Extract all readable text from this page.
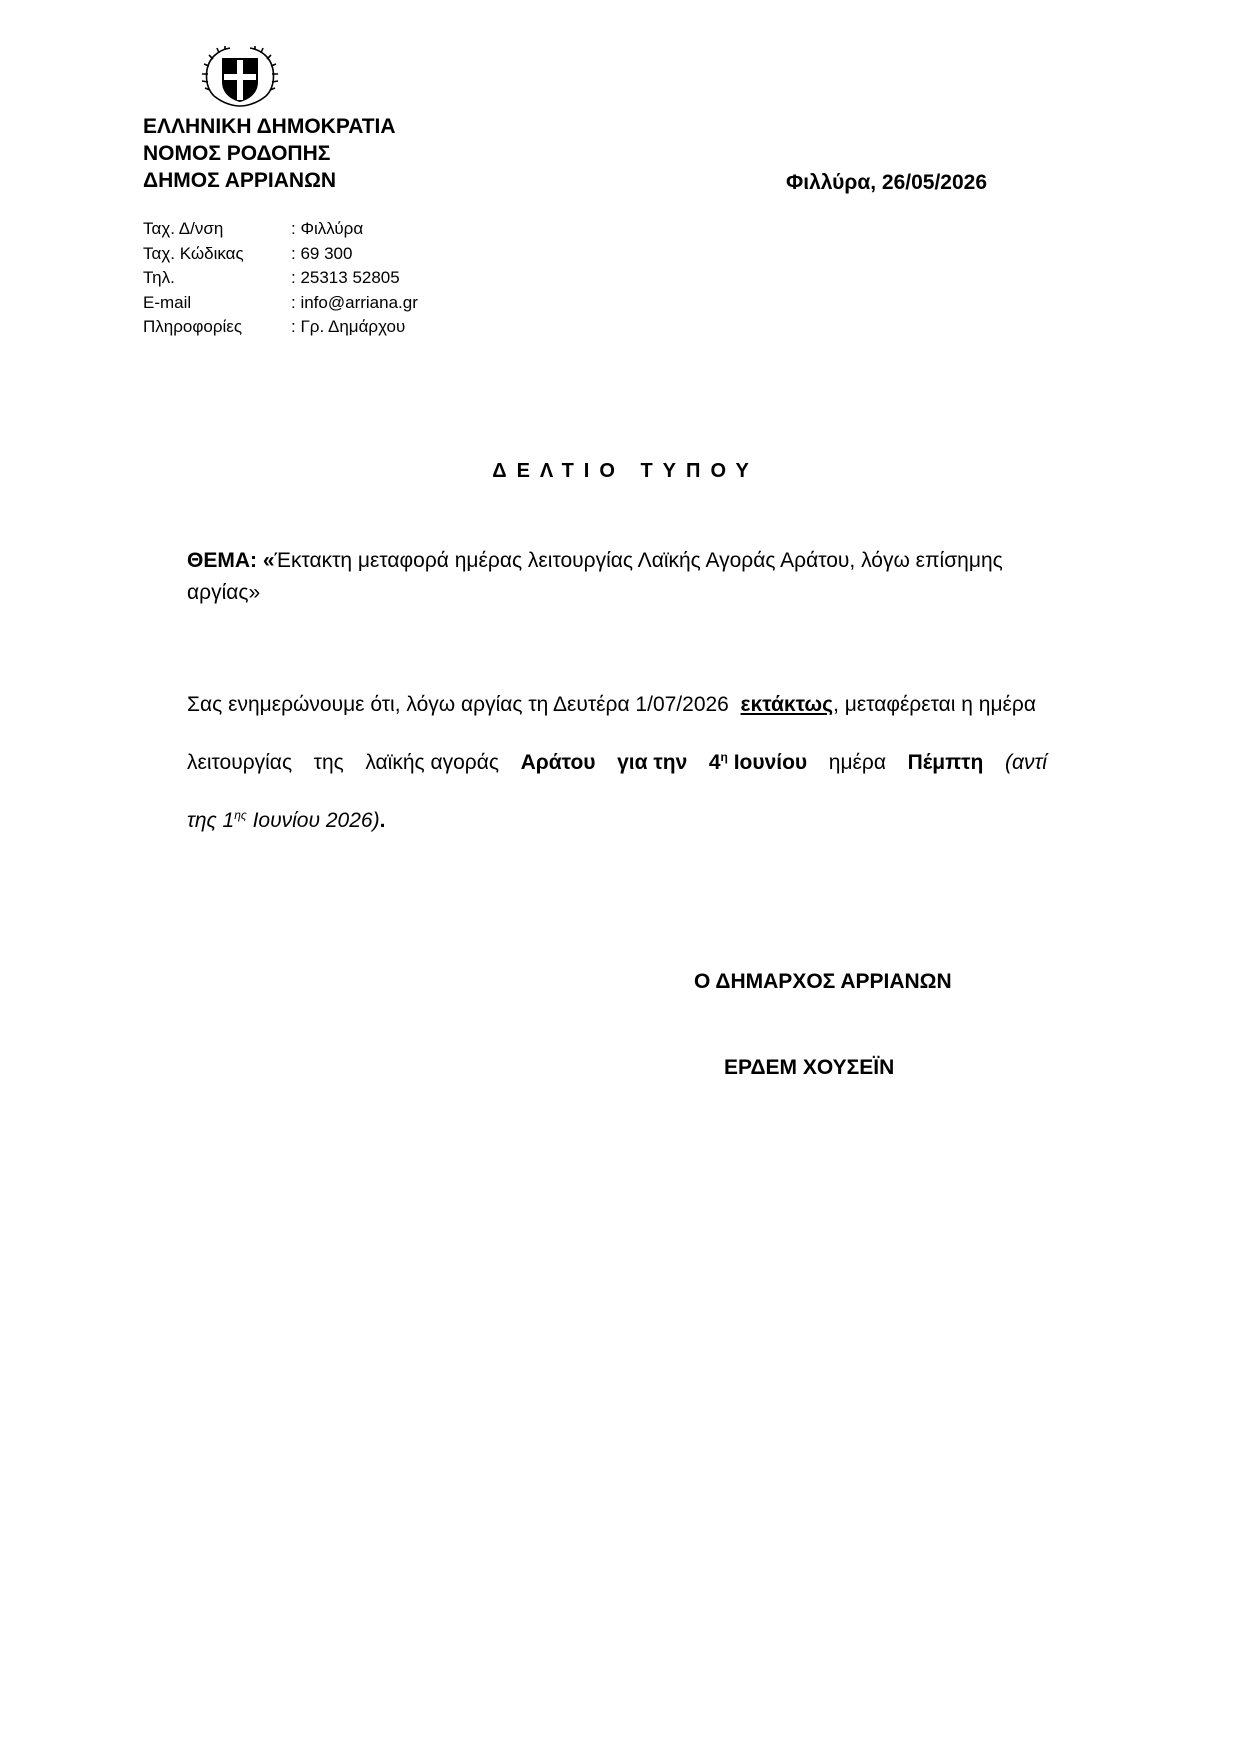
ΕΛΛΗΝΙΚΗ ΔΗΜΟΚΡΑΤΙΑ
ΝΟΜΟΣ ΡΟΔΟΠΗΣ
ΔΗΜΟΣ ΑΡΡΙΑΝΩΝ	Φιλλύρα, 26/05/2026
Ταχ. Δ/νση	: Φιλλύρα
Ταχ. Κώδικας	: 69 300
Τηλ.	: 25313 52805
E-mail	: info@arriana.gr
Πληροφορίες	: Γρ. Δημάρχου
ΔΕΛΤΙΟ ΤΥΠΟΥ
ΘΕΜΑ: «Έκτακτη μεταφορά ημέρας λειτουργίας Λαϊκής Αγοράς Αράτου, λόγω επίσημης αργίας»
Σας ενημερώνουμε ότι, λόγω αργίας τη Δευτέρα 1/07/2026 εκτάκτως, μεταφέρεται η ημέρα
λειτουργίας της λαϊκής αγοράς Αράτου για την $4^\eta$ Ιουνίου ημέρα Πέμπτη (αντί
της $1^{\eta\varsigma}$ Ιουνίου 2026) .
Ο ΔΗΜΑΡΧΟΣ ΑΡΡΙΑΝΩΝ
ΕΡΔΕΜ ΧΟΥΣΕΪΝ
